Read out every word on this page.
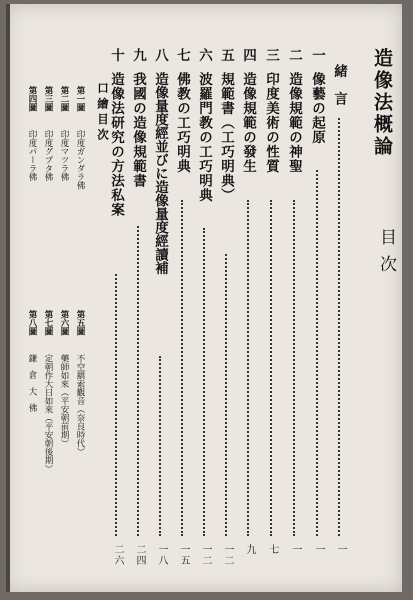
造像法概論
目次
緒言
一
一
像藝の起原
一
二
造像規範の神聖
一
三
印度美術の性質
七
四
造像規範の發生
九
五
規範書（工巧明典）
一二
六
波羅門教の工巧明典
一二
七
佛教の工巧明典
一五
八
造像量度經並びに造像量度經讀補
一八
九
我國の造像規範書
二四
十
造像法研究の方法私案
二六
口繪目次
第一圖
印度ガンダラ佛
第二圖
印度マツラ佛
第三圖
印度グプタ佛
第四圖
印度パーラ佛
第五圖
不空羂索觀音（奈良時代）
第六圖
藥師如來（平安朝前期）
第七圖
定朝作大日如來（平安朝後期）
第八圖
鎌倉大佛
